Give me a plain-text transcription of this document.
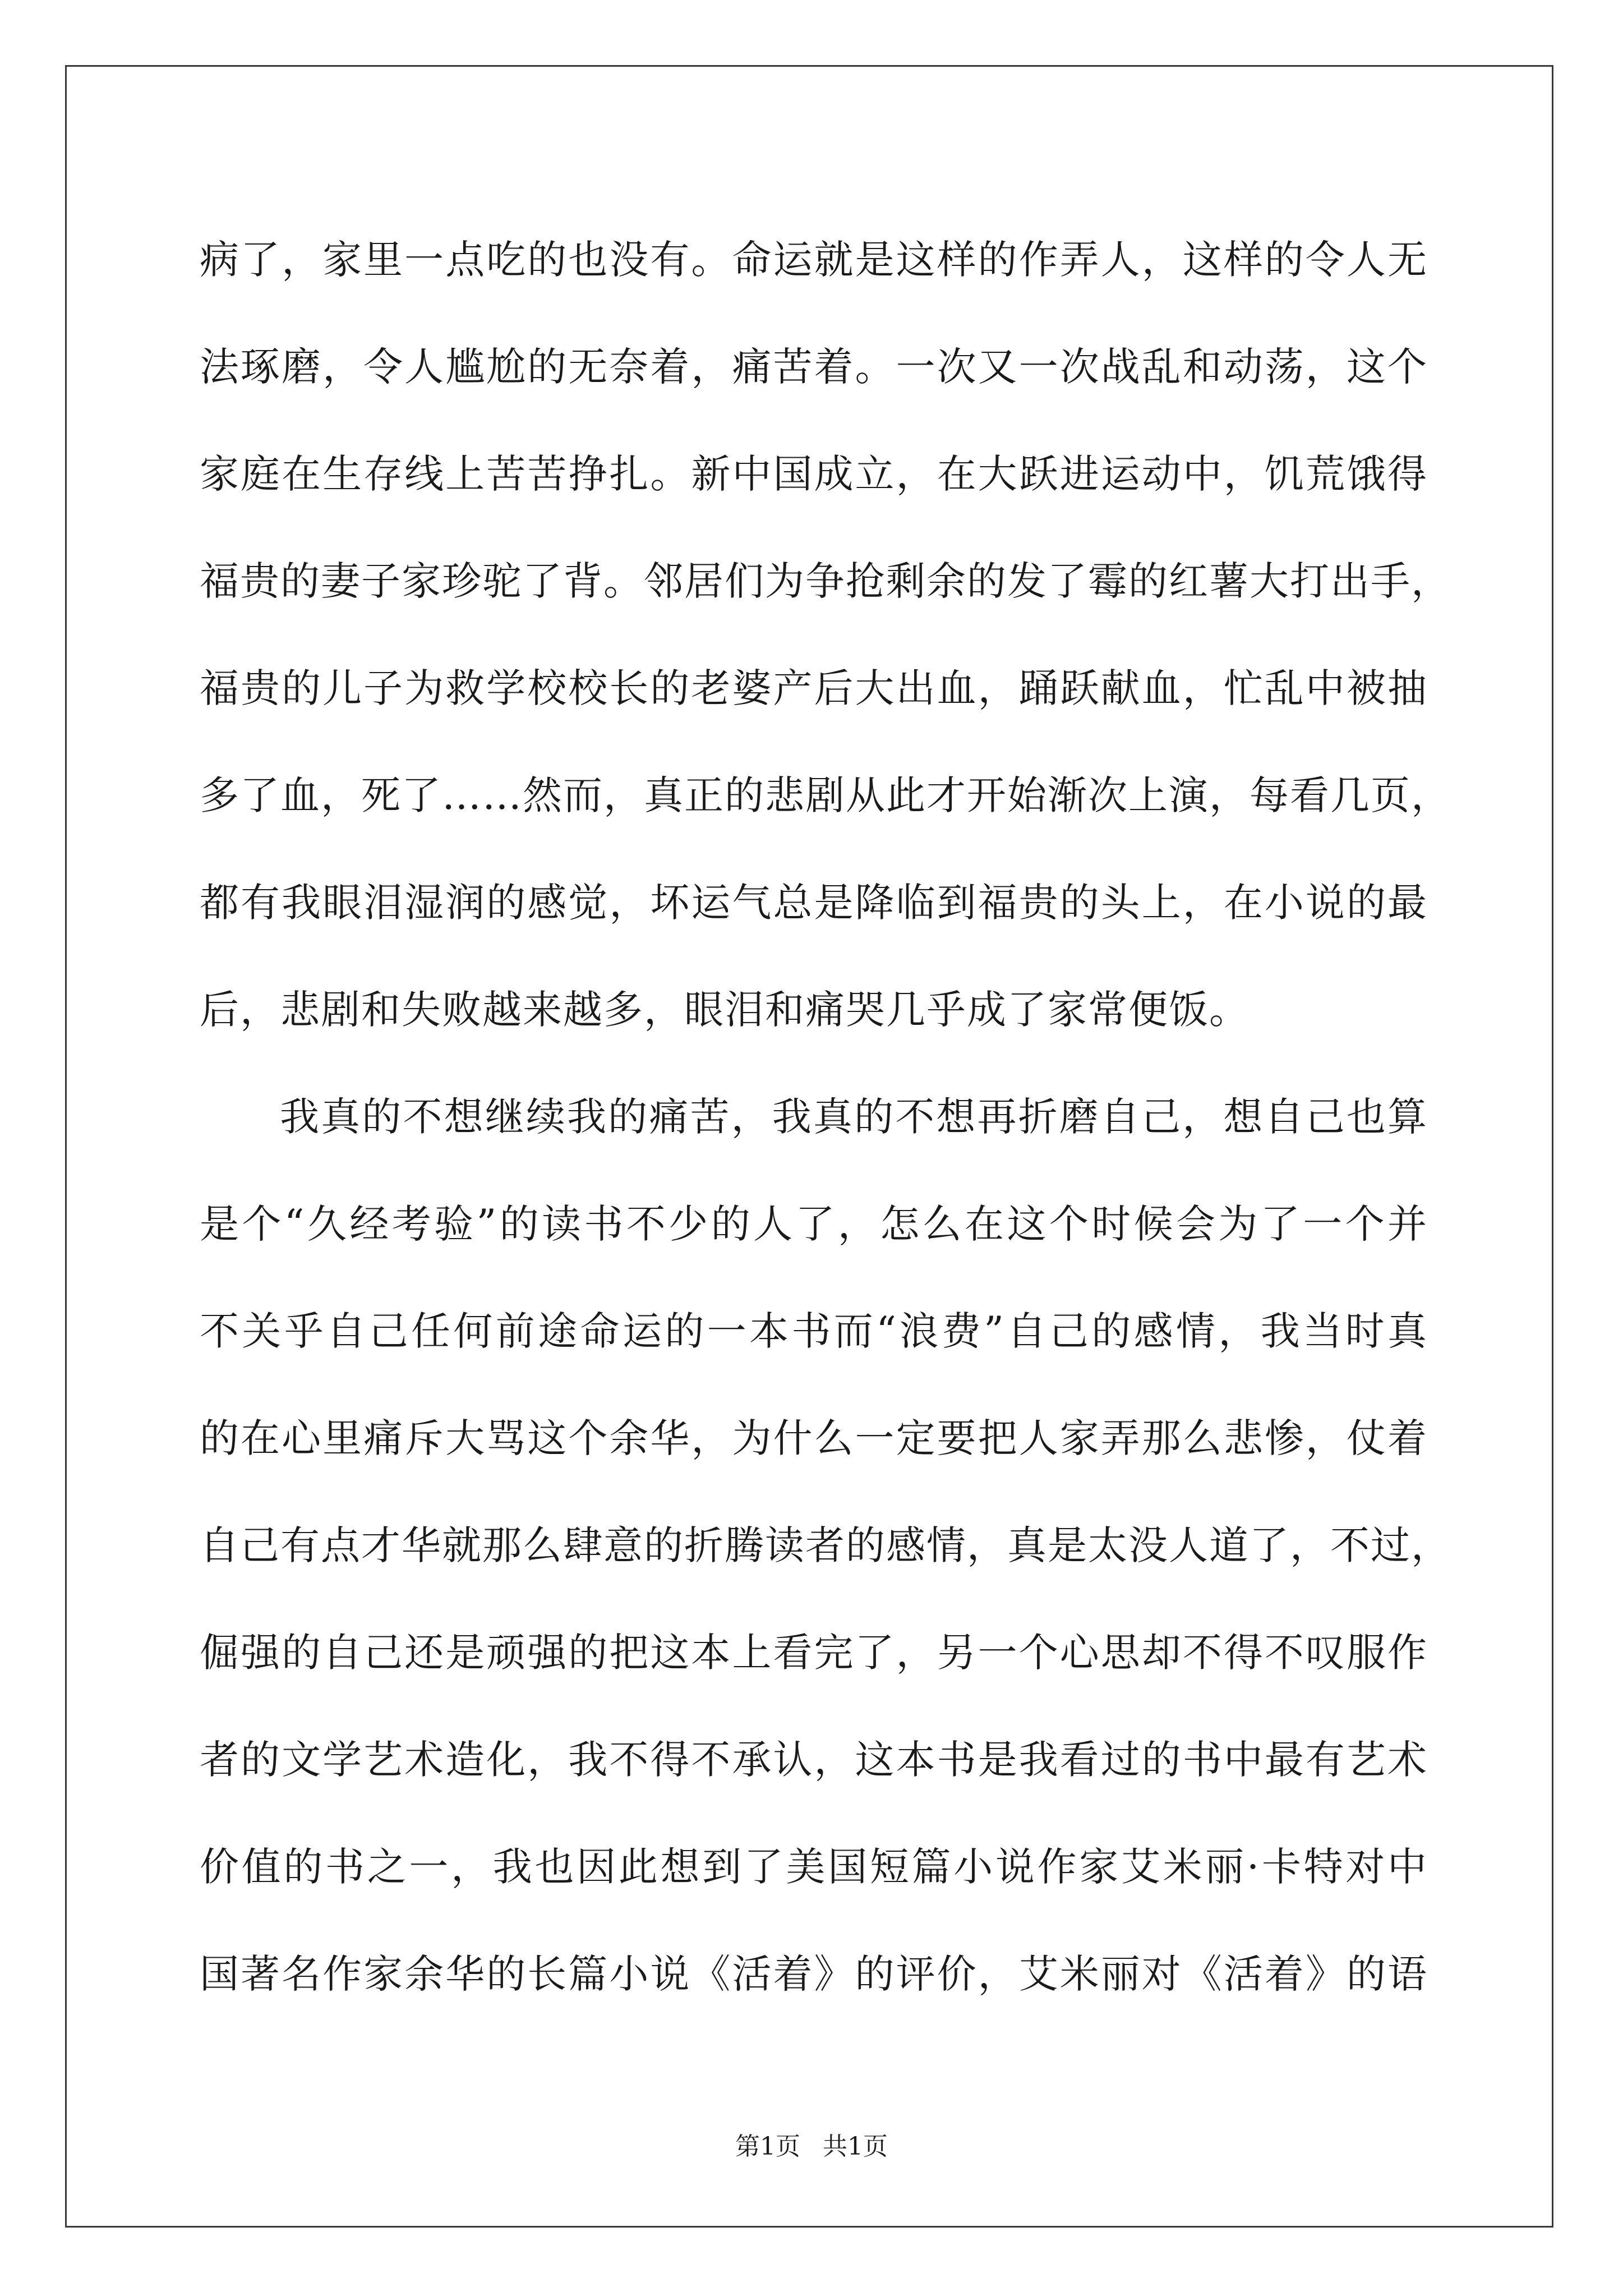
病了，家里一点吃的也没有。命运就是这样的作弄人，这样的令人无
法琢磨，令人尴尬的无奈着，痛苦着。一次又一次战乱和动荡，这个
家庭在生存线上苦苦挣扎。新中国成立，在大跃进运动中，饥荒饿得
福贵的妻子家珍驼了背。邻居们为争抢剩余的发了霉的红薯大打出手，
福贵的儿子为救学校校长的老婆产后大出血，踊跃献血，忙乱中被抽
多了血，死了……然而，真正的悲剧从此才开始渐次上演，每看几页，
都有我眼泪湿润的感觉，坏运气总是降临到福贵的头上，在小说的最
后，悲剧和失败越来越多，眼泪和痛哭几乎成了家常便饭。
我真的不想继续我的痛苦，我真的不想再折磨自己，想自己也算
是个“久经考验”的读书不少的人了，怎么在这个时候会为了一个并
不关乎自己任何前途命运的一本书而“浪费”自己的感情，我当时真
的在心里痛斥大骂这个余华，为什么一定要把人家弄那么悲惨，仗着
自己有点才华就那么肆意的折腾读者的感情，真是太没人道了，不过，
倔强的自己还是顽强的把这本上看完了，另一个心思却不得不叹服作
者的文学艺术造化，我不得不承认，这本书是我看过的书中最有艺术
价值的书之一，我也因此想到了美国短篇小说作家艾米丽·卡特对中
国著名作家余华的长篇小说《活着》的评价，艾米丽对《活着》的语
第1页 共1页
